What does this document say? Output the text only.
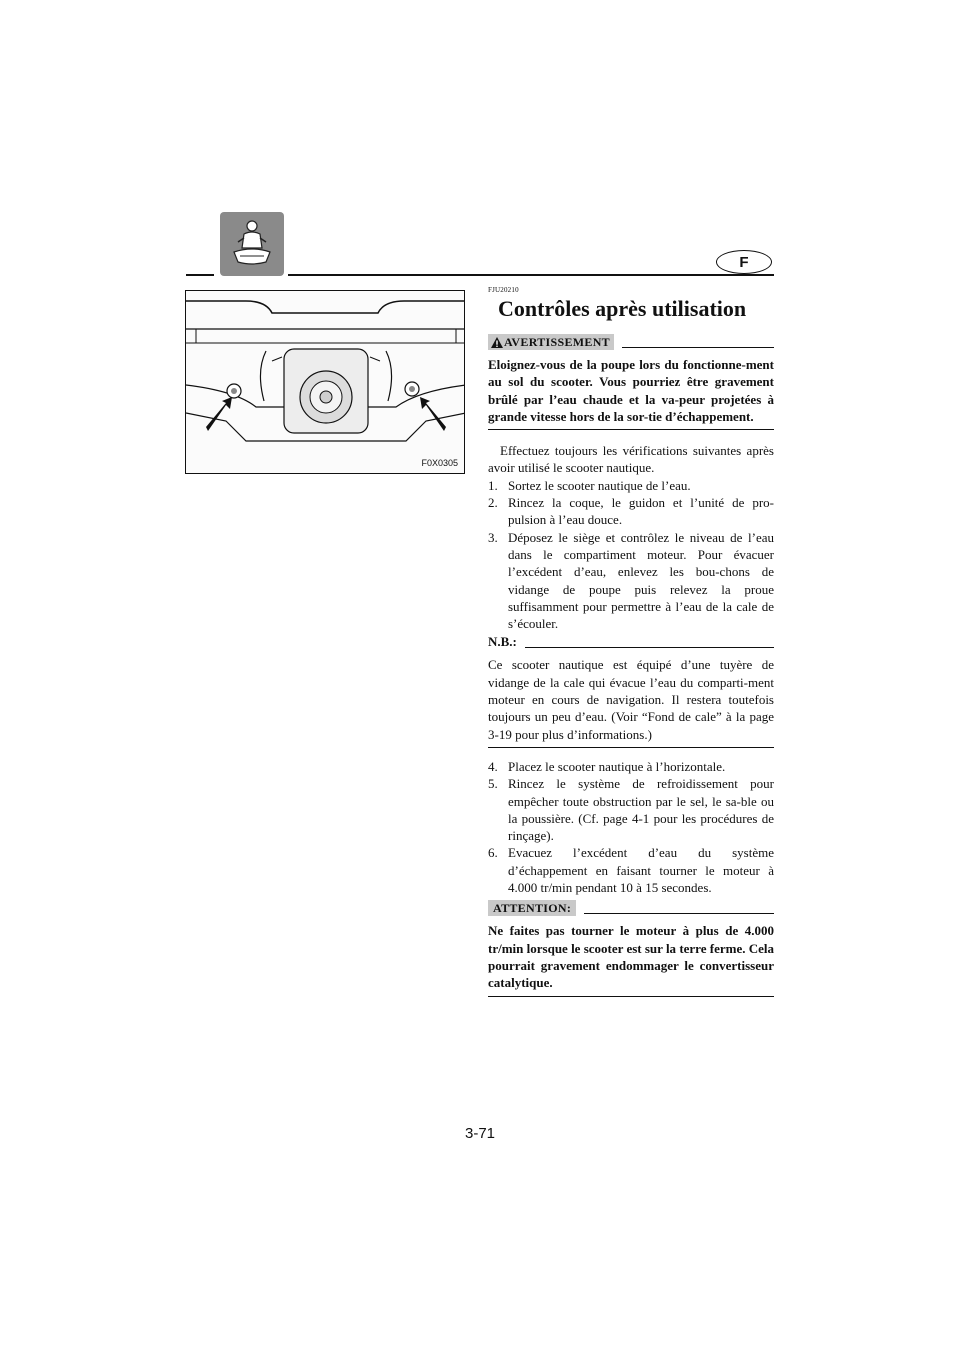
F
F0X0305
FJU20210
Contrôles après utilisation
AVERTISSEMENT
Eloignez-vous de la poupe lors du fonctionne-ment au sol du scooter. Vous pourriez être gravement brûlé par l’eau chaude et la va-peur projetées à grande vitesse hors de la sor-tie d’échappement.
Effectuez toujours les vérifications suivantes après avoir utilisé le scooter nautique.
1. Sortez le scooter nautique de l’eau.
2. Rincez la coque, le guidon et l’unité de pro-pulsion à l’eau douce.
3. Déposez le siège et contrôlez le niveau de l’eau dans le compartiment moteur. Pour évacuer l’excédent d’eau, enlevez les bou-chons de vidange de poupe puis relevez la proue suffisamment pour permettre à l’eau de la cale de s’écouler.
N.B.:
Ce scooter nautique est équipé d’une tuyère de vidange de la cale qui évacue l’eau du comparti-ment moteur en cours de navigation. Il restera toutefois toujours un peu d’eau. (Voir “Fond de cale” à la page 3-19 pour plus d’informations.)
4. Placez le scooter nautique à l’horizontale.
5. Rincez le système de refroidissement pour empêcher toute obstruction par le sel, le sa-ble ou la poussière. (Cf. page 4-1 pour les procédures de rinçage).
6. Evacuez l’excédent d’eau du système d’échappement en faisant tourner le moteur à 4.000 tr/min pendant 10 à 15 secondes.
ATTENTION:
Ne faites pas tourner le moteur à plus de 4.000 tr/min lorsque le scooter est sur la terre ferme. Cela pourrait gravement endommager le convertisseur catalytique.
3-71
